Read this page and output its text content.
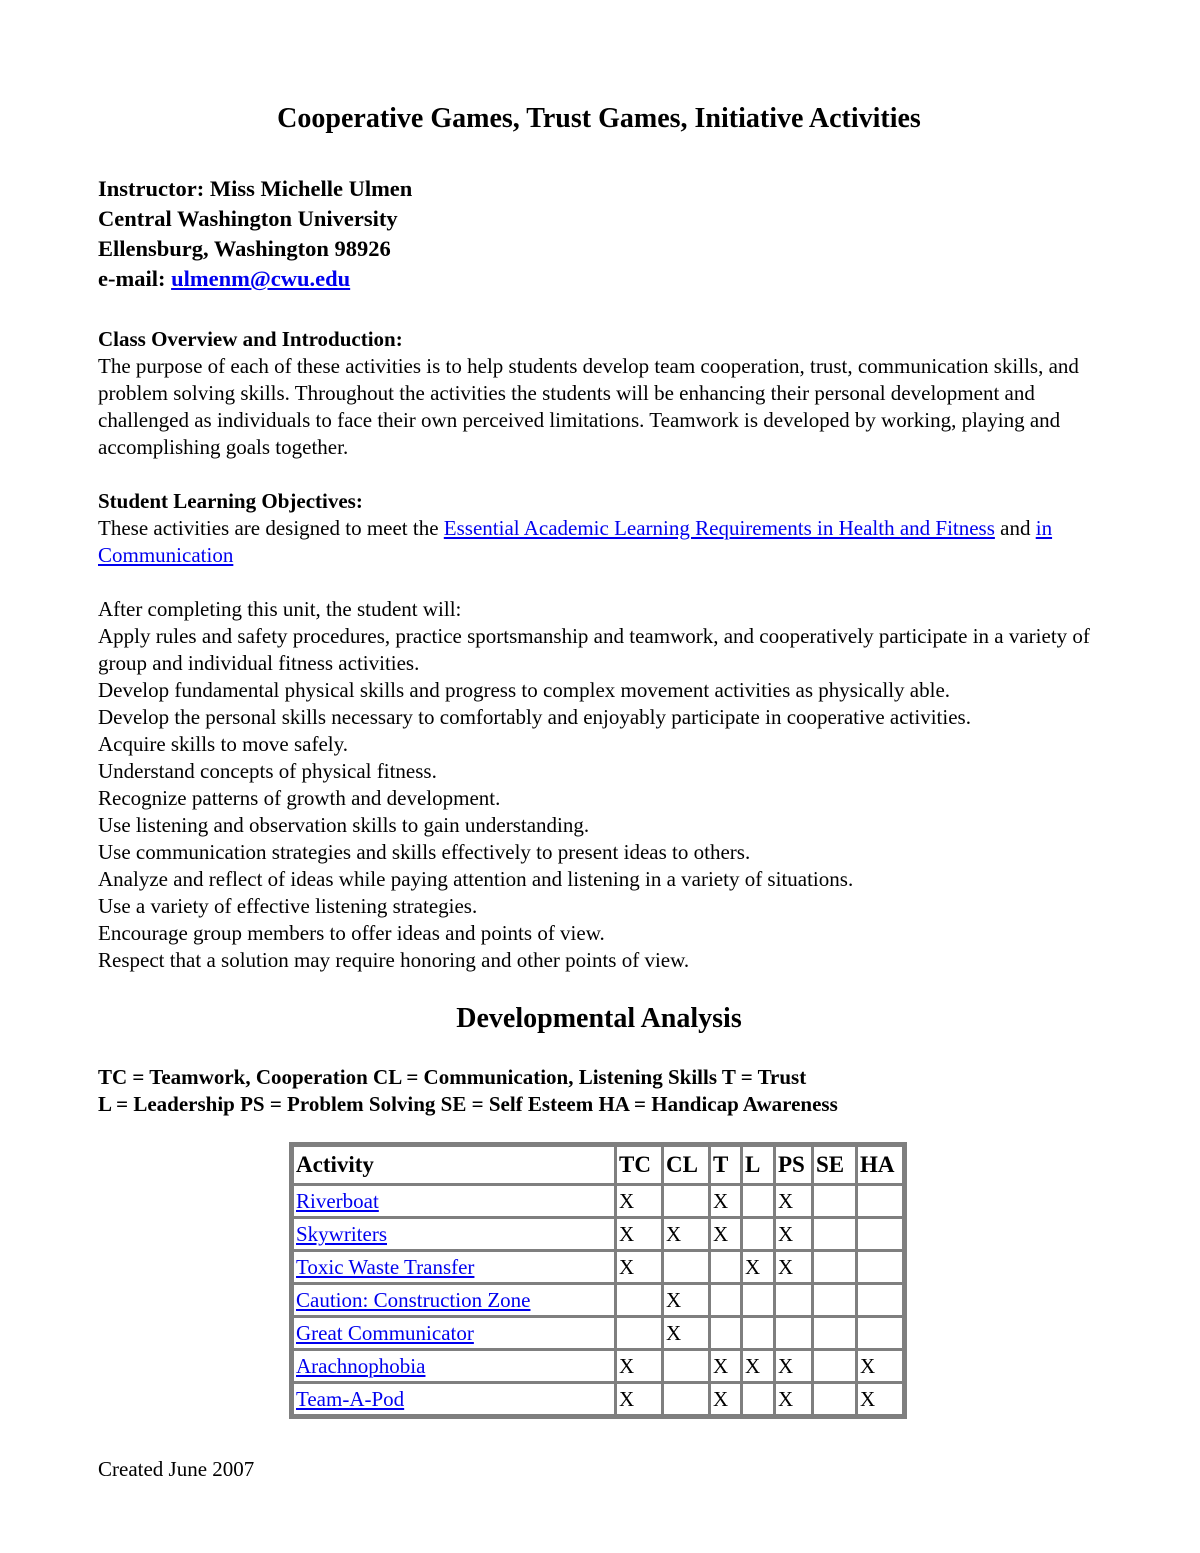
Cooperative Games, Trust Games, Initiative Activities
Instructor: Miss Michelle Ulmen
Central Washington University
Ellensburg, Washington 98926
e-mail: ulmenm@cwu.edu
Class Overview and Introduction:
The purpose of each of these activities is to help students develop team cooperation, trust, communication skills, and problem solving skills. Throughout the activities the students will be enhancing their personal development and challenged as individuals to face their own perceived limitations. Teamwork is developed by working, playing and accomplishing goals together.
Student Learning Objectives:
These activities are designed to meet the Essential Academic Learning Requirements in Health and Fitness and in Communication
After completing this unit, the student will:
Apply rules and safety procedures, practice sportsmanship and teamwork, and cooperatively participate in a variety of group and individual fitness activities.
Develop fundamental physical skills and progress to complex movement activities as physically able.
Develop the personal skills necessary to comfortably and enjoyably participate in cooperative activities.
Acquire skills to move safely.
Understand concepts of physical fitness.
Recognize patterns of growth and development.
Use listening and observation skills to gain understanding.
Use communication strategies and skills effectively to present ideas to others.
Analyze and reflect of ideas while paying attention and listening in a variety of situations.
Use a variety of effective listening strategies.
Encourage group members to offer ideas and points of view.
Respect that a solution may require honoring and other points of view.
Developmental Analysis
TC = Teamwork, Cooperation CL = Communication, Listening Skills T = Trust
L = Leadership PS = Problem Solving SE = Self Esteem HA = Handicap Awareness
Activity	TC	CL	T	L	PS	SE	HA
Riverboat	X		X		X		
Skywriters	X	X	X		X		
Toxic Waste Transfer	X			X	X		
Caution: Construction Zone		X					
Great Communicator		X					
Arachnophobia	X		X	X	X		X
Team-A-Pod	X		X		X		X
Created June 2007
